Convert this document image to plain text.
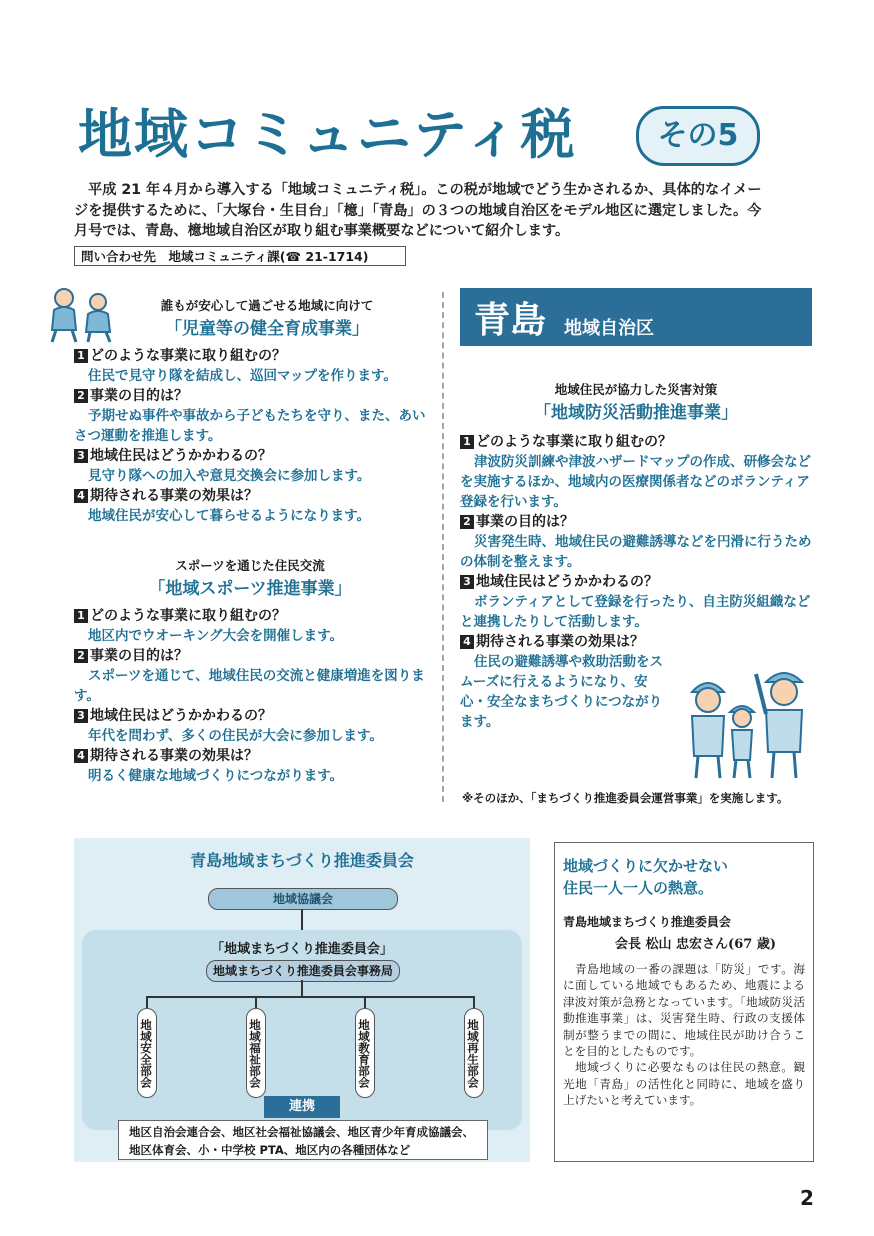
地域コミュニティ税	その5
平成 21 年４月から導入する「地域コミュニティ税」。この税が地域でどう生かされるか、具体的なイメージを提供するために、「大塚台・生目台」「檍」「青島」の３つの地域自治区をモデル地区に選定しました。今月号では、青島、檍地域自治区が取り組む事業概要などについて紹介します。
問い合わせ先　地域コミュニティ課(☎ 21-1714)
誰もが安心して過ごせる地域に向けて
「児童等の健全育成事業」
1 どのような事業に取り組むの？
住民で見守り隊を結成し、巡回マップを作ります。
2 事業の目的は？
予期せぬ事件や事故から子どもたちを守り、また、あいさつ運動を推進します。
3 地域住民はどうかかわるの？
見守り隊への加入や意見交換会に参加します。
4 期待される事業の効果は？
地域住民が安心して暮らせるようになります。
スポーツを通じた住民交流
「地域スポーツ推進事業」
1 どのような事業に取り組むの？
地区内でウオーキング大会を開催します。
2 事業の目的は？
スポーツを通じて、地域住民の交流と健康増進を図ります。
3 地域住民はどうかかわるの？
年代を問わず、多くの住民が大会に参加します。
4 期待される事業の効果は？
明るく健康な地域づくりにつながります。
青島 地域自治区
地域住民が協力した災害対策
「地域防災活動推進事業」
1 どのような事業に取り組むの？
津波防災訓練や津波ハザードマップの作成、研修会などを実施するほか、地域内の医療関係者などのボランティア登録を行います。
2 事業の目的は？
災害発生時、地域住民の避難誘導などを円滑に行うための体制を整えます。
3 地域住民はどうかかわるの？
ボランティアとして登録を行ったり、自主防災組織などと連携したりして活動します。
4 期待される事業の効果は？
住民の避難誘導や救助活動をスムーズに行えるようになり、安心・安全なまちづくりにつながります。
※そのほか、「まちづくり推進委員会運営事業」を実施します。
青島地域まちづくり推進委員会
地域協議会
「地域まちづくり推進委員会」
地域まちづくり推進委員会事務局
地域安全部会	地域福祉部会	地域教育部会	地域再生部会
連携
地区自治会連合会、地区社会福祉協議会、地区青少年育成協議会、地区体育会、小・中学校 PTA、地区内の各種団体など
地域づくりに欠かせない
住民一人一人の熱意。
青島地域まちづくり推進委員会
会長 松山 忠宏さん(67 歳)

青島地域の一番の課題は「防災」です。海に面している地域でもあるため、地震による津波対策が急務となっています。「地域防災活動推進事業」は、災害発生時、行政の支援体制が整うまでの間に、地域住民が助け合うことを目的としたものです。

地域づくりに必要なものは住民の熱意。観光地「青島」の活性化と同時に、地域を盛り上げたいと考えています。

2
